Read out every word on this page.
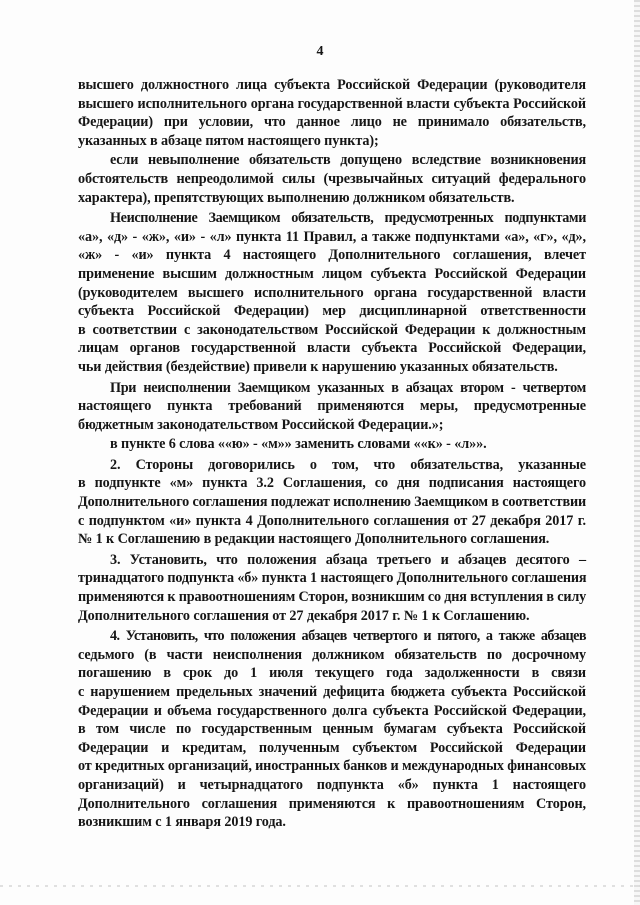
4
высшего должностного лица субъекта Российской Федерации (руководителя
высшего исполнительного органа государственной власти субъекта Российской
Федерации) при условии, что данное лицо не принимало обязательств,
указанных в абзаце пятом настоящего пункта);
если невыполнение обязательств допущено вследствие возникновения
обстоятельств непреодолимой силы (чрезвычайных ситуаций федерального
характера), препятствующих выполнению должником обязательств.
Неисполнение Заемщиком обязательств, предусмотренных подпунктами
«а», «д» - «ж», «и» - «л» пункта 11 Правил, а также подпунктами «а», «г», «д»,
«ж» - «и» пункта 4 настоящего Дополнительного соглашения, влечет
применение высшим должностным лицом субъекта Российской Федерации
(руководителем высшего исполнительного органа государственной власти
субъекта Российской Федерации) мер дисциплинарной ответственности
в соответствии с законодательством Российской Федерации к должностным
лицам органов государственной власти субъекта Российской Федерации,
чьи действия (бездействие) привели к нарушению указанных обязательств.
При неисполнении Заемщиком указанных в абзацах втором - четвертом
настоящего пункта требований применяются меры, предусмотренные
бюджетным законодательством Российской Федерации.»;
в пункте 6 слова ««ю» - «м»» заменить словами ««к» - «л»».
2. Стороны договорились о том, что обязательства, указанные
в подпункте «м» пункта 3.2 Соглашения, со дня подписания настоящего
Дополнительного соглашения подлежат исполнению Заемщиком в соответствии
с подпунктом «и» пункта 4 Дополнительного соглашения от 27 декабря 2017 г.
№ 1 к Соглашению в редакции настоящего Дополнительного соглашения.
3. Установить, что положения абзаца третьего и абзацев десятого –
тринадцатого подпункта «б» пункта 1 настоящего Дополнительного соглашения
применяются к правоотношениям Сторон, возникшим со дня вступления в силу
Дополнительного соглашения от 27 декабря 2017 г. № 1 к Соглашению.
4. Установить, что положения абзацев четвертого и пятого, а также абзацев
седьмого (в части неисполнения должником обязательств по досрочному
погашению в срок до 1 июля текущего года задолженности в связи
с нарушением предельных значений дефицита бюджета субъекта Российской
Федерации и объема государственного долга субъекта Российской Федерации,
в том числе по государственным ценным бумагам субъекта Российской
Федерации и кредитам, полученным субъектом Российской Федерации
от кредитных организаций, иностранных банков и международных финансовых
организаций) и четырнадцатого подпункта «б» пункта 1 настоящего
Дополнительного соглашения применяются к правоотношениям Сторон,
возникшим с 1 января 2019 года.
